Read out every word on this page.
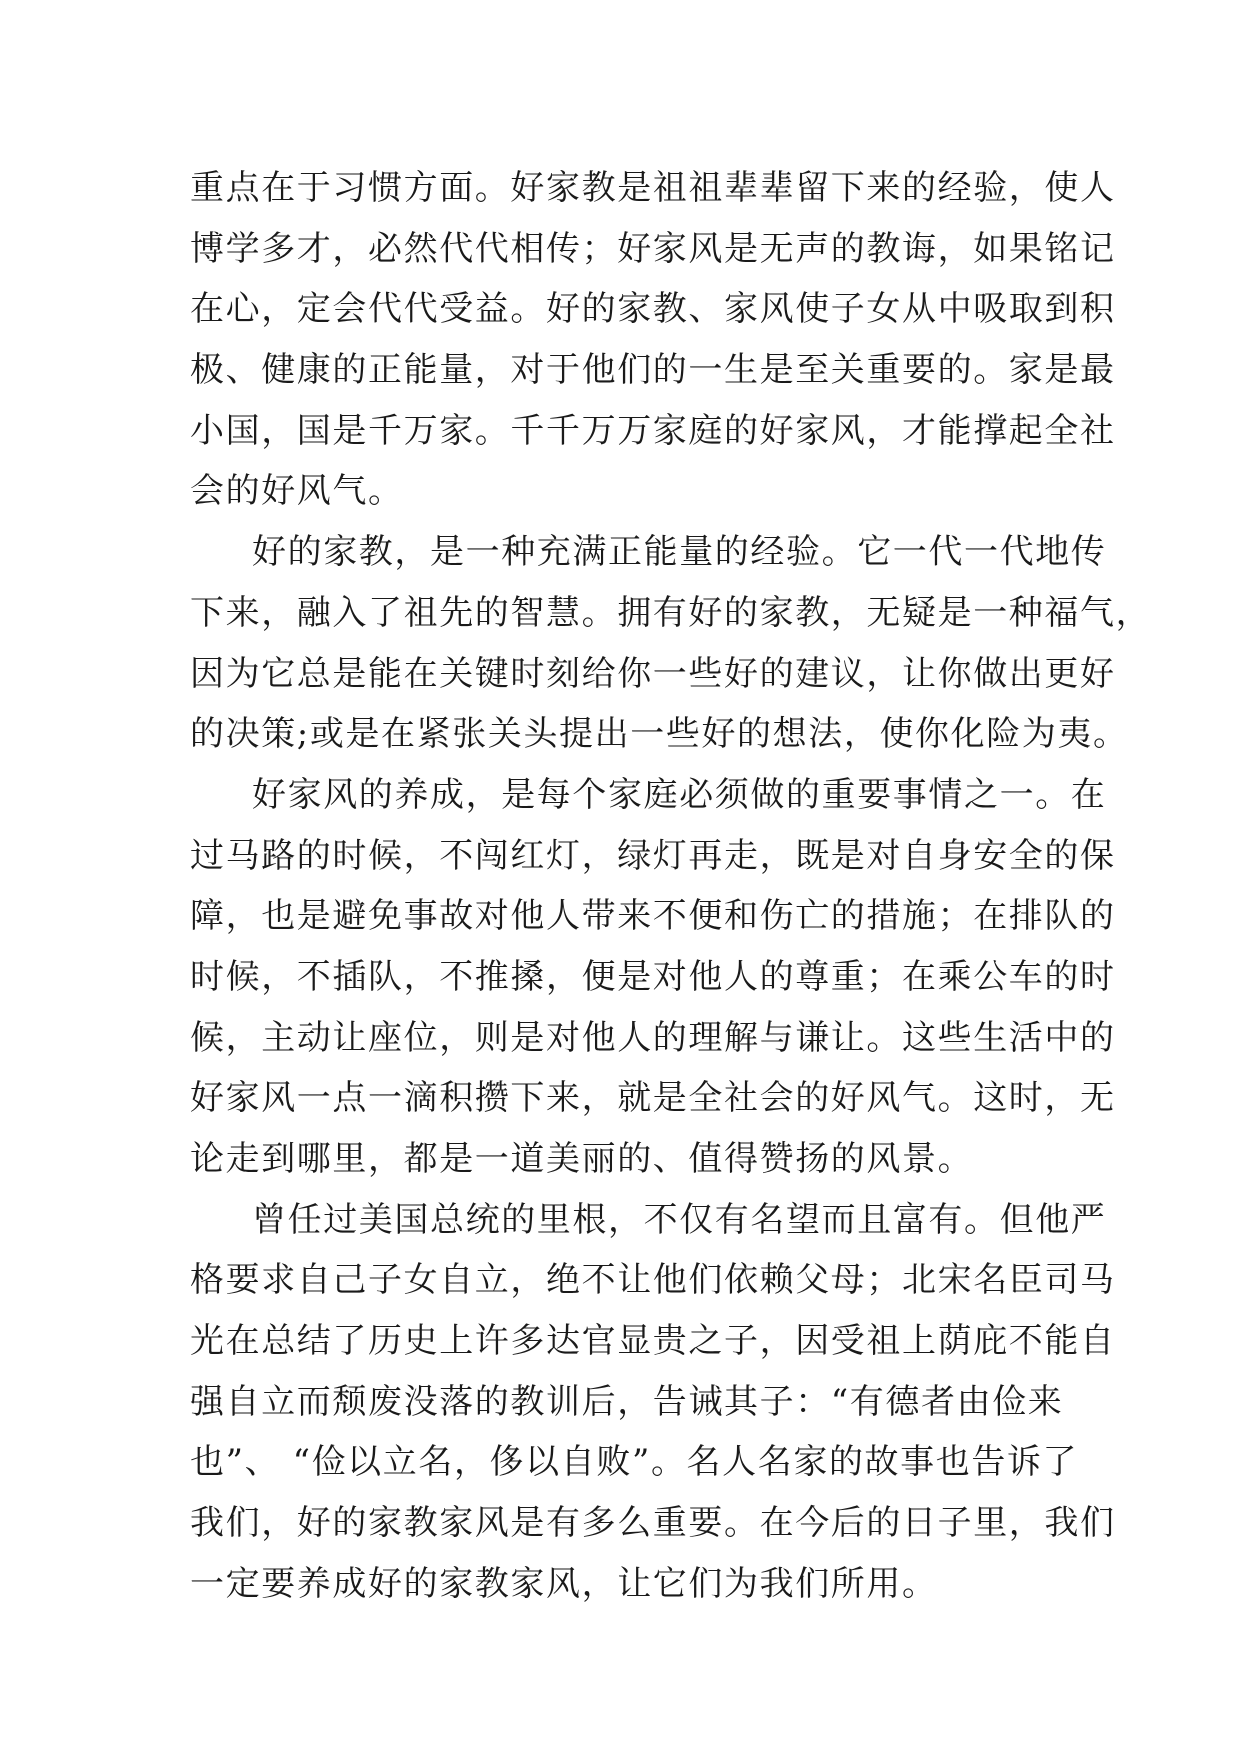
重点在于习惯方面。好家教是祖祖辈辈留下来的经验，使人
博学多才，必然代代相传；好家风是无声的教诲，如果铭记
在心，定会代代受益。好的家教、家风使子女从中吸取到积
极、健康的正能量，对于他们的一生是至关重要的。家是最
小国，国是千万家。千千万万家庭的好家风，才能撑起全社
会的好风气。
好的家教，是一种充满正能量的经验。它一代一代地传
下来，融入了祖先的智慧。拥有好的家教，无疑是一种福气，
因为它总是能在关键时刻给你一些好的建议，让你做出更好
的决策;或是在紧张关头提出一些好的想法，使你化险为夷。
好家风的养成，是每个家庭必须做的重要事情之一。在
过马路的时候，不闯红灯，绿灯再走，既是对自身安全的保
障，也是避免事故对他人带来不便和伤亡的措施；在排队的
时候，不插队，不推搡，便是对他人的尊重；在乘公车的时
候，主动让座位，则是对他人的理解与谦让。这些生活中的
好家风一点一滴积攒下来，就是全社会的好风气。这时，无
论走到哪里，都是一道美丽的、值得赞扬的风景。
曾任过美国总统的里根，不仅有名望而且富有。但他严
格要求自己子女自立，绝不让他们依赖父母；北宋名臣司马
光在总结了历史上许多达官显贵之子，因受祖上荫庇不能自
强自立而颓废没落的教训后，告诫其子：“有德者由俭来
也”、 “俭以立名，侈以自败”。名人名家的故事也告诉了
我们，好的家教家风是有多么重要。在今后的日子里，我们
一定要养成好的家教家风，让它们为我们所用。
